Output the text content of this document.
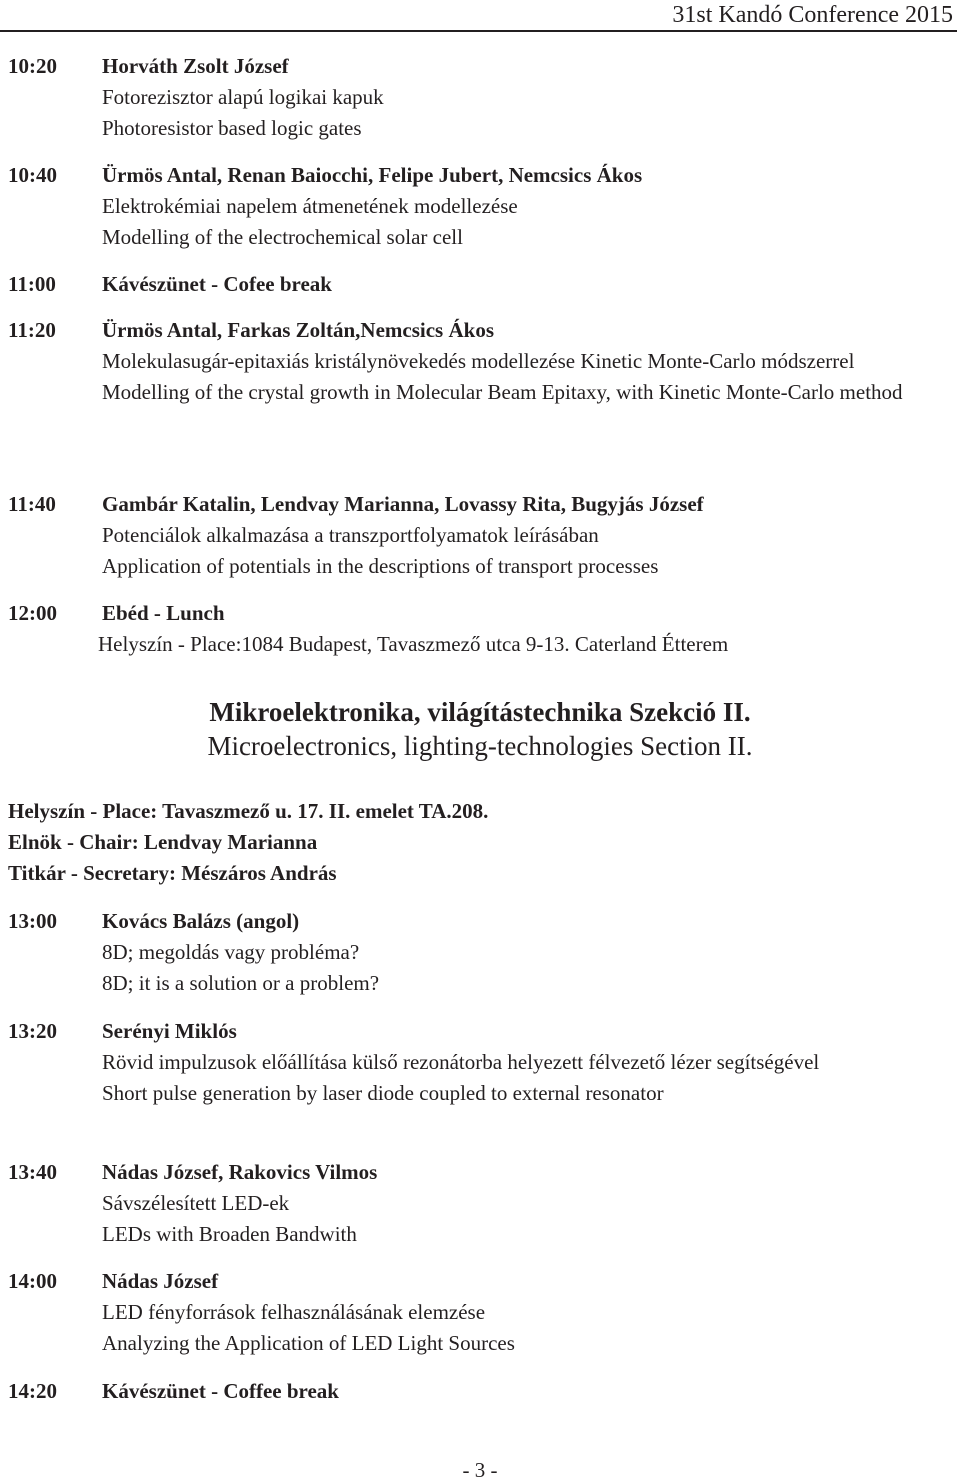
31st Kandó Conference 2015
10:20 Horváth Zsolt József
Fotorezisztor alapú logikai kapuk
Photoresistor based logic gates
10:40 Ürmös Antal, Renan Baiocchi, Felipe Jubert, Nemcsics Ákos
Elektrokémiai napelem átmenetének modellezése
Modelling of the electrochemical solar cell
11:00 Kávészünet - Cofee break
11:20 Ürmös Antal, Farkas Zoltán,Nemcsics Ákos
Molekulasugár-epitaxiás kristálynövekedés modellezése Kinetic Monte-Carlo módszerrel
Modelling of the crystal growth in Molecular Beam Epitaxy, with Kinetic Monte-Carlo method
11:40 Gambár Katalin, Lendvay Marianna, Lovassy Rita, Bugyjás József
Potenciálok alkalmazása a transzportfolyamatok leírásában
Application of potentials in the descriptions of transport processes
12:00 Ebéd - Lunch
Helyszín - Place:1084 Budapest, Tavaszmező utca 9-13. Caterland Étterem
Mikroelektronika, világítástechnika Szekció II.
Microelectronics, lighting-technologies Section II.
Helyszín - Place: Tavaszmező u. 17. II. emelet TA.208.
Elnök - Chair: Lendvay Marianna
Titkár - Secretary: Mészáros András
13:00 Kovács Balázs (angol)
8D; megoldás vagy probléma?
8D; it is a solution or a problem?
13:20 Serényi Miklós
Rövid impulzusok előállítása külső rezonátorba helyezett félvezető lézer segítségével
Short pulse generation by laser diode coupled to external resonator
13:40 Nádas József, Rakovics Vilmos
Sávszélesített LED-ek
LEDs with Broaden Bandwith
14:00 Nádas József
LED fényforrások felhasználásának elemzése
Analyzing the Application of LED Light Sources
14:20 Kávészünet - Coffee break
- 3 -
